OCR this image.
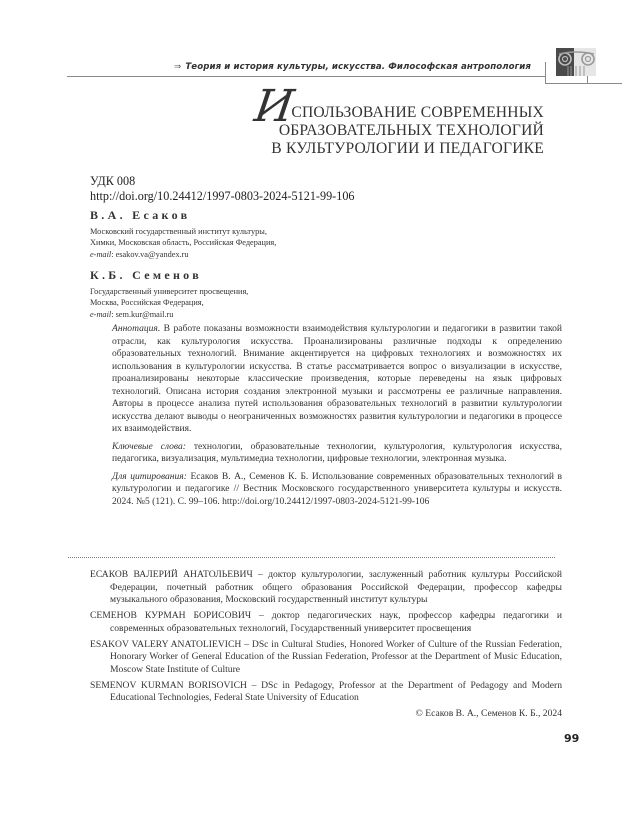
⇒ Теория и история культуры, искусства. Философская антропология
ИСПОЛЬЗОВАНИЕ СОВРЕМЕННЫХ
ОБРАЗОВАТЕЛЬНЫХ ТЕХНОЛОГИЙ
В КУЛЬТУРОЛОГИИ И ПЕДАГОГИКЕ
УДК 008
http://doi.org/10.24412/1997-0803-2024-5121-99-106
В.А. Есаков
Московский государственный институт культуры,
Химки, Московская область, Российская Федерация,
e-mail: esakov.va@yandex.ru
К.Б. Семенов
Государственный университет просвещения,
Москва, Российская Федерация,
e-mail: sem.kur@mail.ru

Аннотация. В работе показаны возможности взаимодействия культурологии и педагогики в развитии такой отрасли, как культурология искусства. Проанализированы различные подходы к определению образовательных технологий. Внимание акцентируется на цифровых технологиях и возможностях их использования в культурологии искусства. В статье рассматривается вопрос о визуализации в искусстве, проанализированы некоторые классические произведения, которые переведены на язык цифровых технологий. Описана история создания электронной музыки и рассмотрены ее различные направления. Авторы в процессе анализа путей использования образовательных технологий в развитии культурологии искусства делают выводы о неограниченных возможностях развития культурологии и педагогики в процессе их взаимодействия.

Ключевые слова: технологии, образовательные технологии, культурология, культурология искусства, педагогика, визуализация, мультимедиа технологии, цифровые технологии, электронная музыка.

Для цитирования: Есаков В. А., Семенов К. Б. Использование современных образовательных технологий в культурологии и педагогике // Вестник Московского государственного университета культуры и искусств. 2024. №5 (121). С. 99–106. http://doi.org/10.24412/1997-0803-2024-5121-99-106

ЕСАКОВ ВАЛЕРИЙ АНАТОЛЬЕВИЧ – доктор культурологии, заслуженный работник культуры Российской Федерации, почетный работник общего образования Российской Федерации, профессор кафедры музыкального образования, Московский государственный институт культуры
СЕМЕНОВ КУРМАН БОРИСОВИЧ – доктор педагогических наук, профессор кафедры педагогики и современных образовательных технологий, Государственный университет просвещения
ESAKOV VALERY ANATOLIEVICH – DSc in Cultural Studies, Honored Worker of Culture of the Russian Federation, Honorary Worker of General Education of the Russian Federation, Professor at the Department of Music Education, Moscow State Institute of Culture
SEMENOV KURMAN BORISOVICH – DSc in Pedagogy, Professor at the Department of Pedagogy and Modern Educational Technologies, Federal State University of Education
© Есаков В. А., Семенов К. Б., 2024
99
